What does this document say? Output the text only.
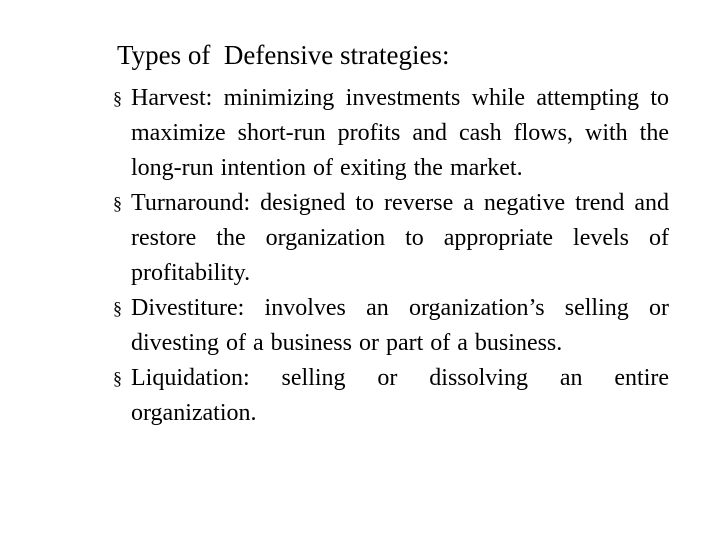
Types of  Defensive strategies:
§ Harvest: minimizing investments while attempting to maximize short-run profits and cash flows, with the long-run intention of exiting the market.
§ Turnaround: designed to reverse a negative trend and restore the organization to appropriate levels of profitability.
§ Divestiture: involves an organization’s selling or divesting of a business or part of a business.
§ Liquidation: selling or dissolving an entire organization.
